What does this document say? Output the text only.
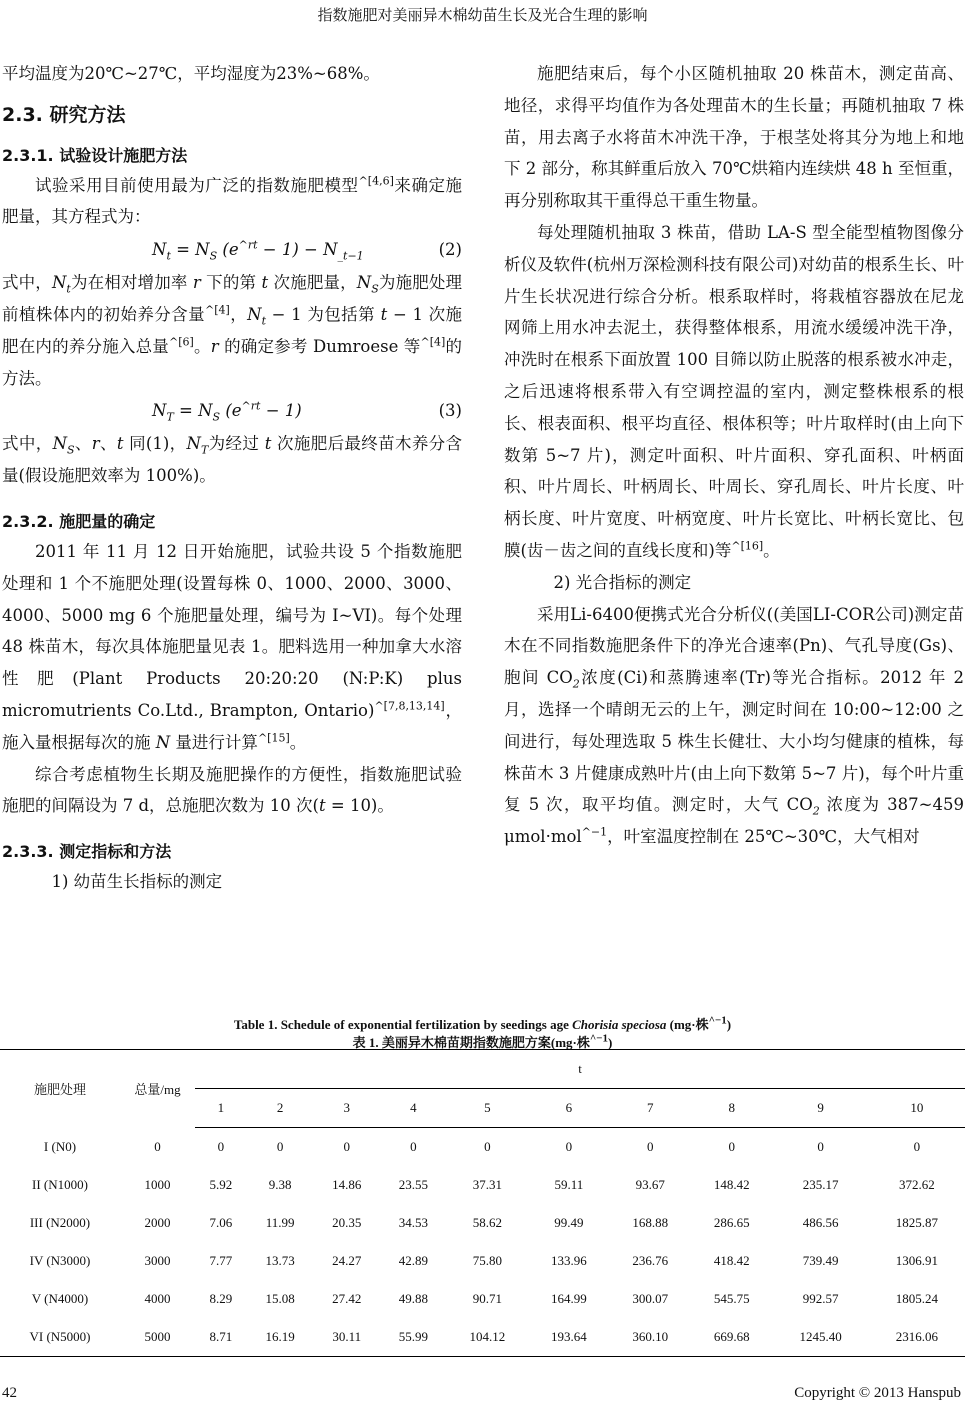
指数施肥对美丽异木棉幼苗生长及光合生理的影响

平均温度为20℃~27℃，平均湿度为23%~68%。

2.3. 研究方法
2.3.1. 试验设计施肥方法

试验采用目前使用最为广泛的指数施肥模型$^{\^{}[4,6]}$来确定施肥量，其方程式为：

$N_t = N_S$ $(e^{\^{}rt} - 1) - N_{\_t-1}$	(2)

式中，$N_t$为在相对增加率 r 下的第 t 次施肥量，$N_S$为施肥处理前植株体内的初始养分含量$^{\^{}[4]}$，$N_t - 1$ 为包括第 t − 1 次施肥在内的养分施入总量$^{\^{}[6]}$。r 的确定参考 Dumroese 等$^{\^{}[4]}$的方法。

$N_T = N_S$ $(e^{\^{}rt} - 1)$	(3)

式中，$N_S$、r、t 同(1)，$N_T$为经过 t 次施肥后最终苗木养分含量(假设施肥效率为 100%)。

2.3.2. 施肥量的确定

2011 年 11 月 12 日开始施肥，试验共设 5 个指数施肥处理和 1 个不施肥处理(设置每株 0、1000、2000、3000、4000、5000 mg 6 个施肥量处理，编号为 I~VI)。每个处理 48 株苗木，每次具体施肥量见表 1。肥料选用一种加拿大水溶性肥(Plant Products 20:20:20 (N:P:K) plus micromutrients Co.Ltd., Brampton, Ontario)$^{\^{}[7,8,13,14]}$，施入量根据每次的施 N 量进行计算$^{\^{}[15]}$。

综合考虑植物生长期及施肥操作的方便性，指数施肥试验施肥的间隔设为 7 d，总施肥次数为 10 次(t = 10)。

2.3.3. 测定指标和方法

1) 幼苗生长指标的测定

施肥结束后，每个小区随机抽取 20 株苗木，测定苗高、地径，求得平均值作为各处理苗木的生长量；再随机抽取 7 株苗，用去离子水将苗木冲洗干净，于根茎处将其分为地上和地下 2 部分，称其鲜重后放入 70℃烘箱内连续烘 48 h 至恒重，再分别称取其干重得总干重生物量。

每处理随机抽取 3 株苗，借助 LA-S 型全能型植物图像分析仪及软件(杭州万深检测科技有限公司)对幼苗的根系生长、叶片生长状况进行综合分析。根系取样时，将栽植容器放在尼龙网筛上用水冲去泥土，获得整体根系，用流水缓缓冲洗干净，冲洗时在根系下面放置 100 目筛以防止脱落的根系被水冲走，之后迅速将根系带入有空调控温的室内，测定整株根系的根长、根表面积、根平均直径、根体积等；叶片取样时(由上向下数第 5~7 片)，测定叶面积、叶片面积、穿孔面积、叶柄面积、叶片周长、叶柄周长、叶周长、穿孔周长、叶片长度、叶柄长度、叶片宽度、叶柄宽度、叶片长宽比、叶柄长宽比、包膜(齿－齿之间的直线长度和)等$^{\^{}[16]}$。

2) 光合指标的测定

采用Li-6400便携式光合分析仪((美国LI-COR公司)测定苗木在不同指数施肥条件下的净光合速率(Pn)、气孔导度(Gs)、胞间 $CO_2$浓度(Ci)和蒸腾速率(Tr)等光合指标。2012 年 2 月，选择一个晴朗无云的上午，测定时间在 10:00~12:00 之间进行，每处理选取 5 株生长健壮、大小均匀健康的植株，每株苗木 3 片健康成熟叶片(由上向下数第 5~7 片)，每个叶片重复 5 次，取平均值。测定时，大气 $CO_2$ 浓度为 387~459 μmol·mol$^{\^{}-1}$，叶室温度控制在 25℃~30℃，大气相对

Table 1. Schedule of exponential fertilization by seedings age Chorisia speciosa (mg·株$^{\^{}-1}$)
表 1. 美丽异木棉苗期指数施肥方案(mg·株$^{\^{}-1}$)
施肥处理	总量/mg	t									
		1	2	3	4	5	6	7	8	9	10
I (N0)	0	0	0	0	0	0	0	0	0	0	0
II (N1000)	1000	5.92	9.38	14.86	23.55	37.31	59.11	93.67	148.42	235.17	372.62
III (N2000)	2000	7.06	11.99	20.35	34.53	58.62	99.49	168.88	286.65	486.56	1825.87
IV (N3000)	3000	7.77	13.73	24.27	42.89	75.80	133.96	236.76	418.42	739.49	1306.91
V (N4000)	4000	8.29	15.08	27.42	49.88	90.71	164.99	300.07	545.75	992.57	1805.24
VI (N5000)	5000	8.71	16.19	30.11	55.99	104.12	193.64	360.10	669.68	1245.40	2316.06
42	Copyright © 2013 Hanspub
